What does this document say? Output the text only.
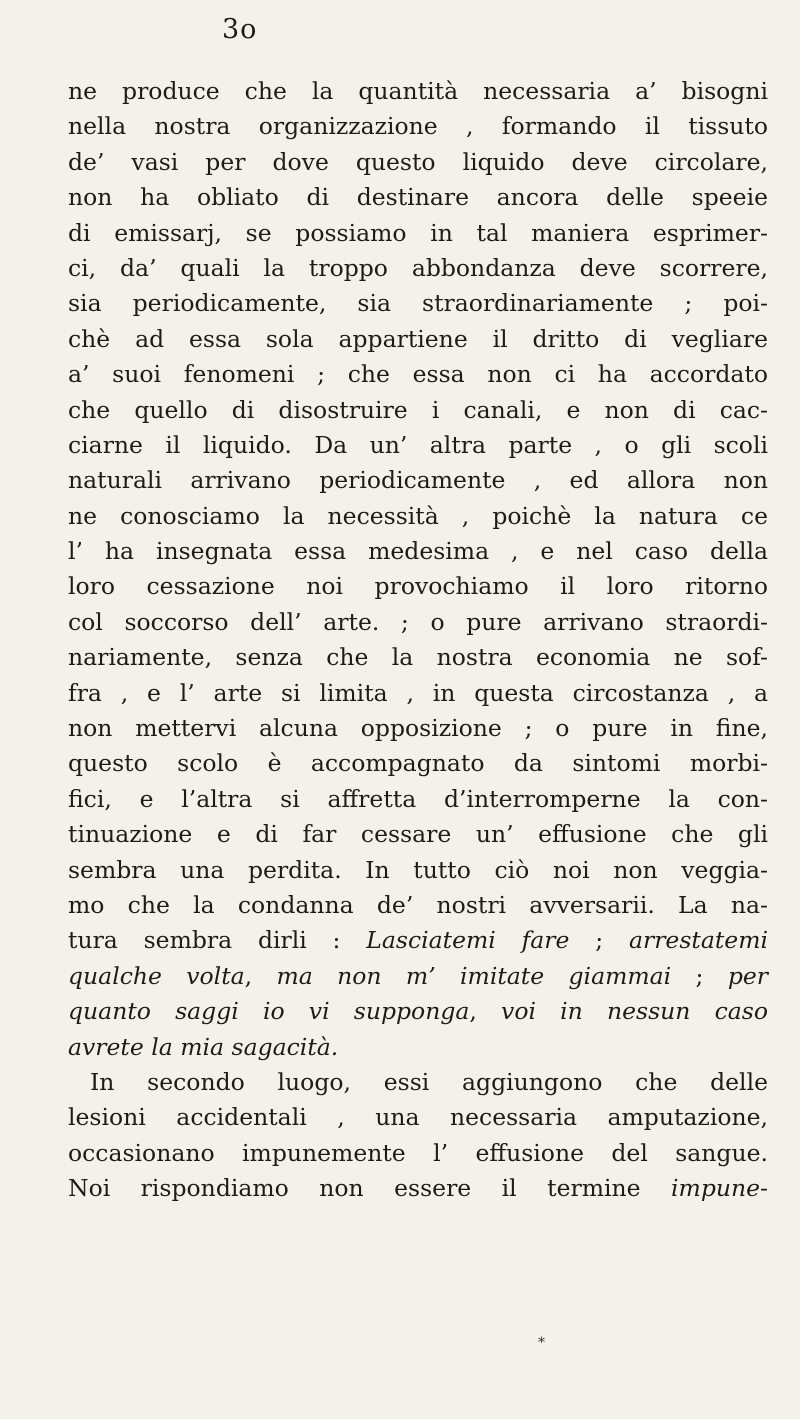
3o
ne produce che la quantità necessaria a’ bisogni
nella nostra organizzazione , formando il tissuto
de’ vasi per dove questo liquido deve circolare,
non ha obliato di destinare ancora delle speeie
di emissarj, se possiamo in tal maniera esprimer-
ci, da’ quali la troppo abbondanza deve scorrere,
sia periodicamente, sia straordinariamente ; poi-
chè ad essa sola appartiene il dritto di vegliare
a’ suoi fenomeni ; che essa non ci ha accordato
che quello di disostruire i canali, e non di cac-
ciarne il liquido. Da un’ altra parte , o gli scoli
naturali arrivano periodicamente , ed allora non
ne conosciamo la necessità , poichè la natura ce
l’ ha insegnata essa medesima , e nel caso della
loro cessazione noi provochiamo il loro ritorno
col soccorso dell’ arte. ; o pure arrivano straordi-
nariamente, senza che la nostra economia ne sof-
fra , e l’ arte si limita , in questa circostanza , a
non mettervi alcuna opposizione ; o pure in fine,
questo scolo è accompagnato da sintomi morbi-
fici, e l’altra si affretta d’interromperne la con-
tinuazione e di far cessare un’ effusione che gli
sembra una perdita. In tutto ciò noi non veggia-
mo che la condanna de’ nostri avversarii. La na-
tura sembra dirli : Lasciatemi fare ; arrestatemi
qualche volta, ma non m’ imitate giammai ; per
quanto saggi io vi supponga, voi in nessun caso
avrete la mia sagacità.
In secondo luogo, essi aggiungono che delle
lesioni accidentali , una necessaria amputazione,
occasionano impunemente l’ effusione del sangue.
Noi rispondiamo non essere il termine impune-
*
